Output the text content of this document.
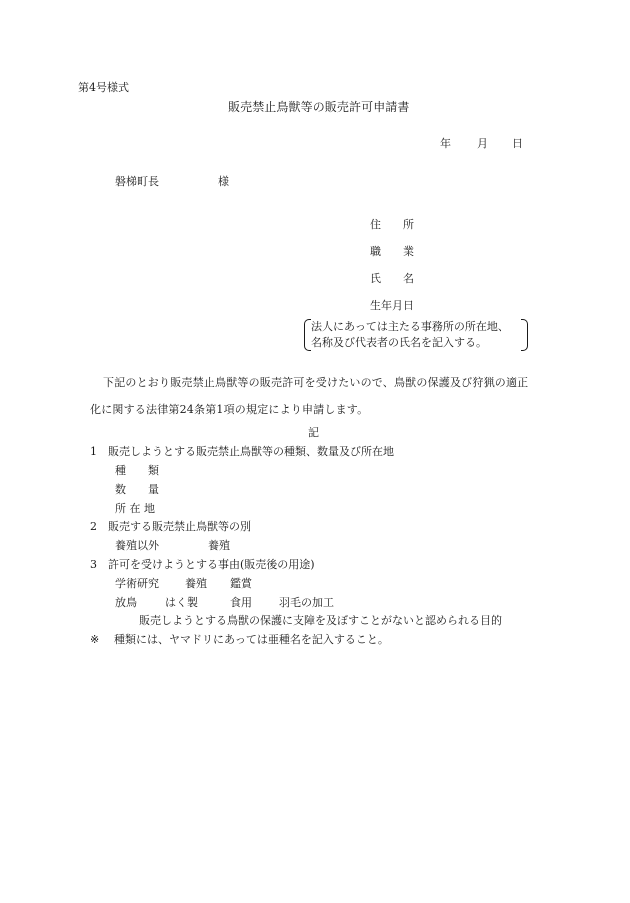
第4号様式
販売禁止鳥獣等の販売許可申請書
年 月 日
磐梯町長	様
住　　所
職　　業
氏　　名
生年月日
法人にあっては主たる事務所の所在地、
名称及び代表者の氏名を記入する。
下記のとおり販売禁止鳥獣等の販売許可を受けたいので、鳥獣の保護及び狩猟の適正
化に関する法律第24条第1項の規定により申請します。
記
1 販売しようとする販売禁止鳥獣等の種類、数量及び所在地
種　　類
数　　量
所 在 地
2 販売する販売禁止鳥獣等の別
養殖以外	養殖
3 許可を受けようとする事由(販売後の用途)
学術研究 養殖 鑑賞
放鳥	はく製	食用 羽毛の加工
販売しようとする鳥獣の保護に支障を及ぼすことがないと認められる目的
※ 種類には、ヤマドリにあっては亜種名を記入すること。
